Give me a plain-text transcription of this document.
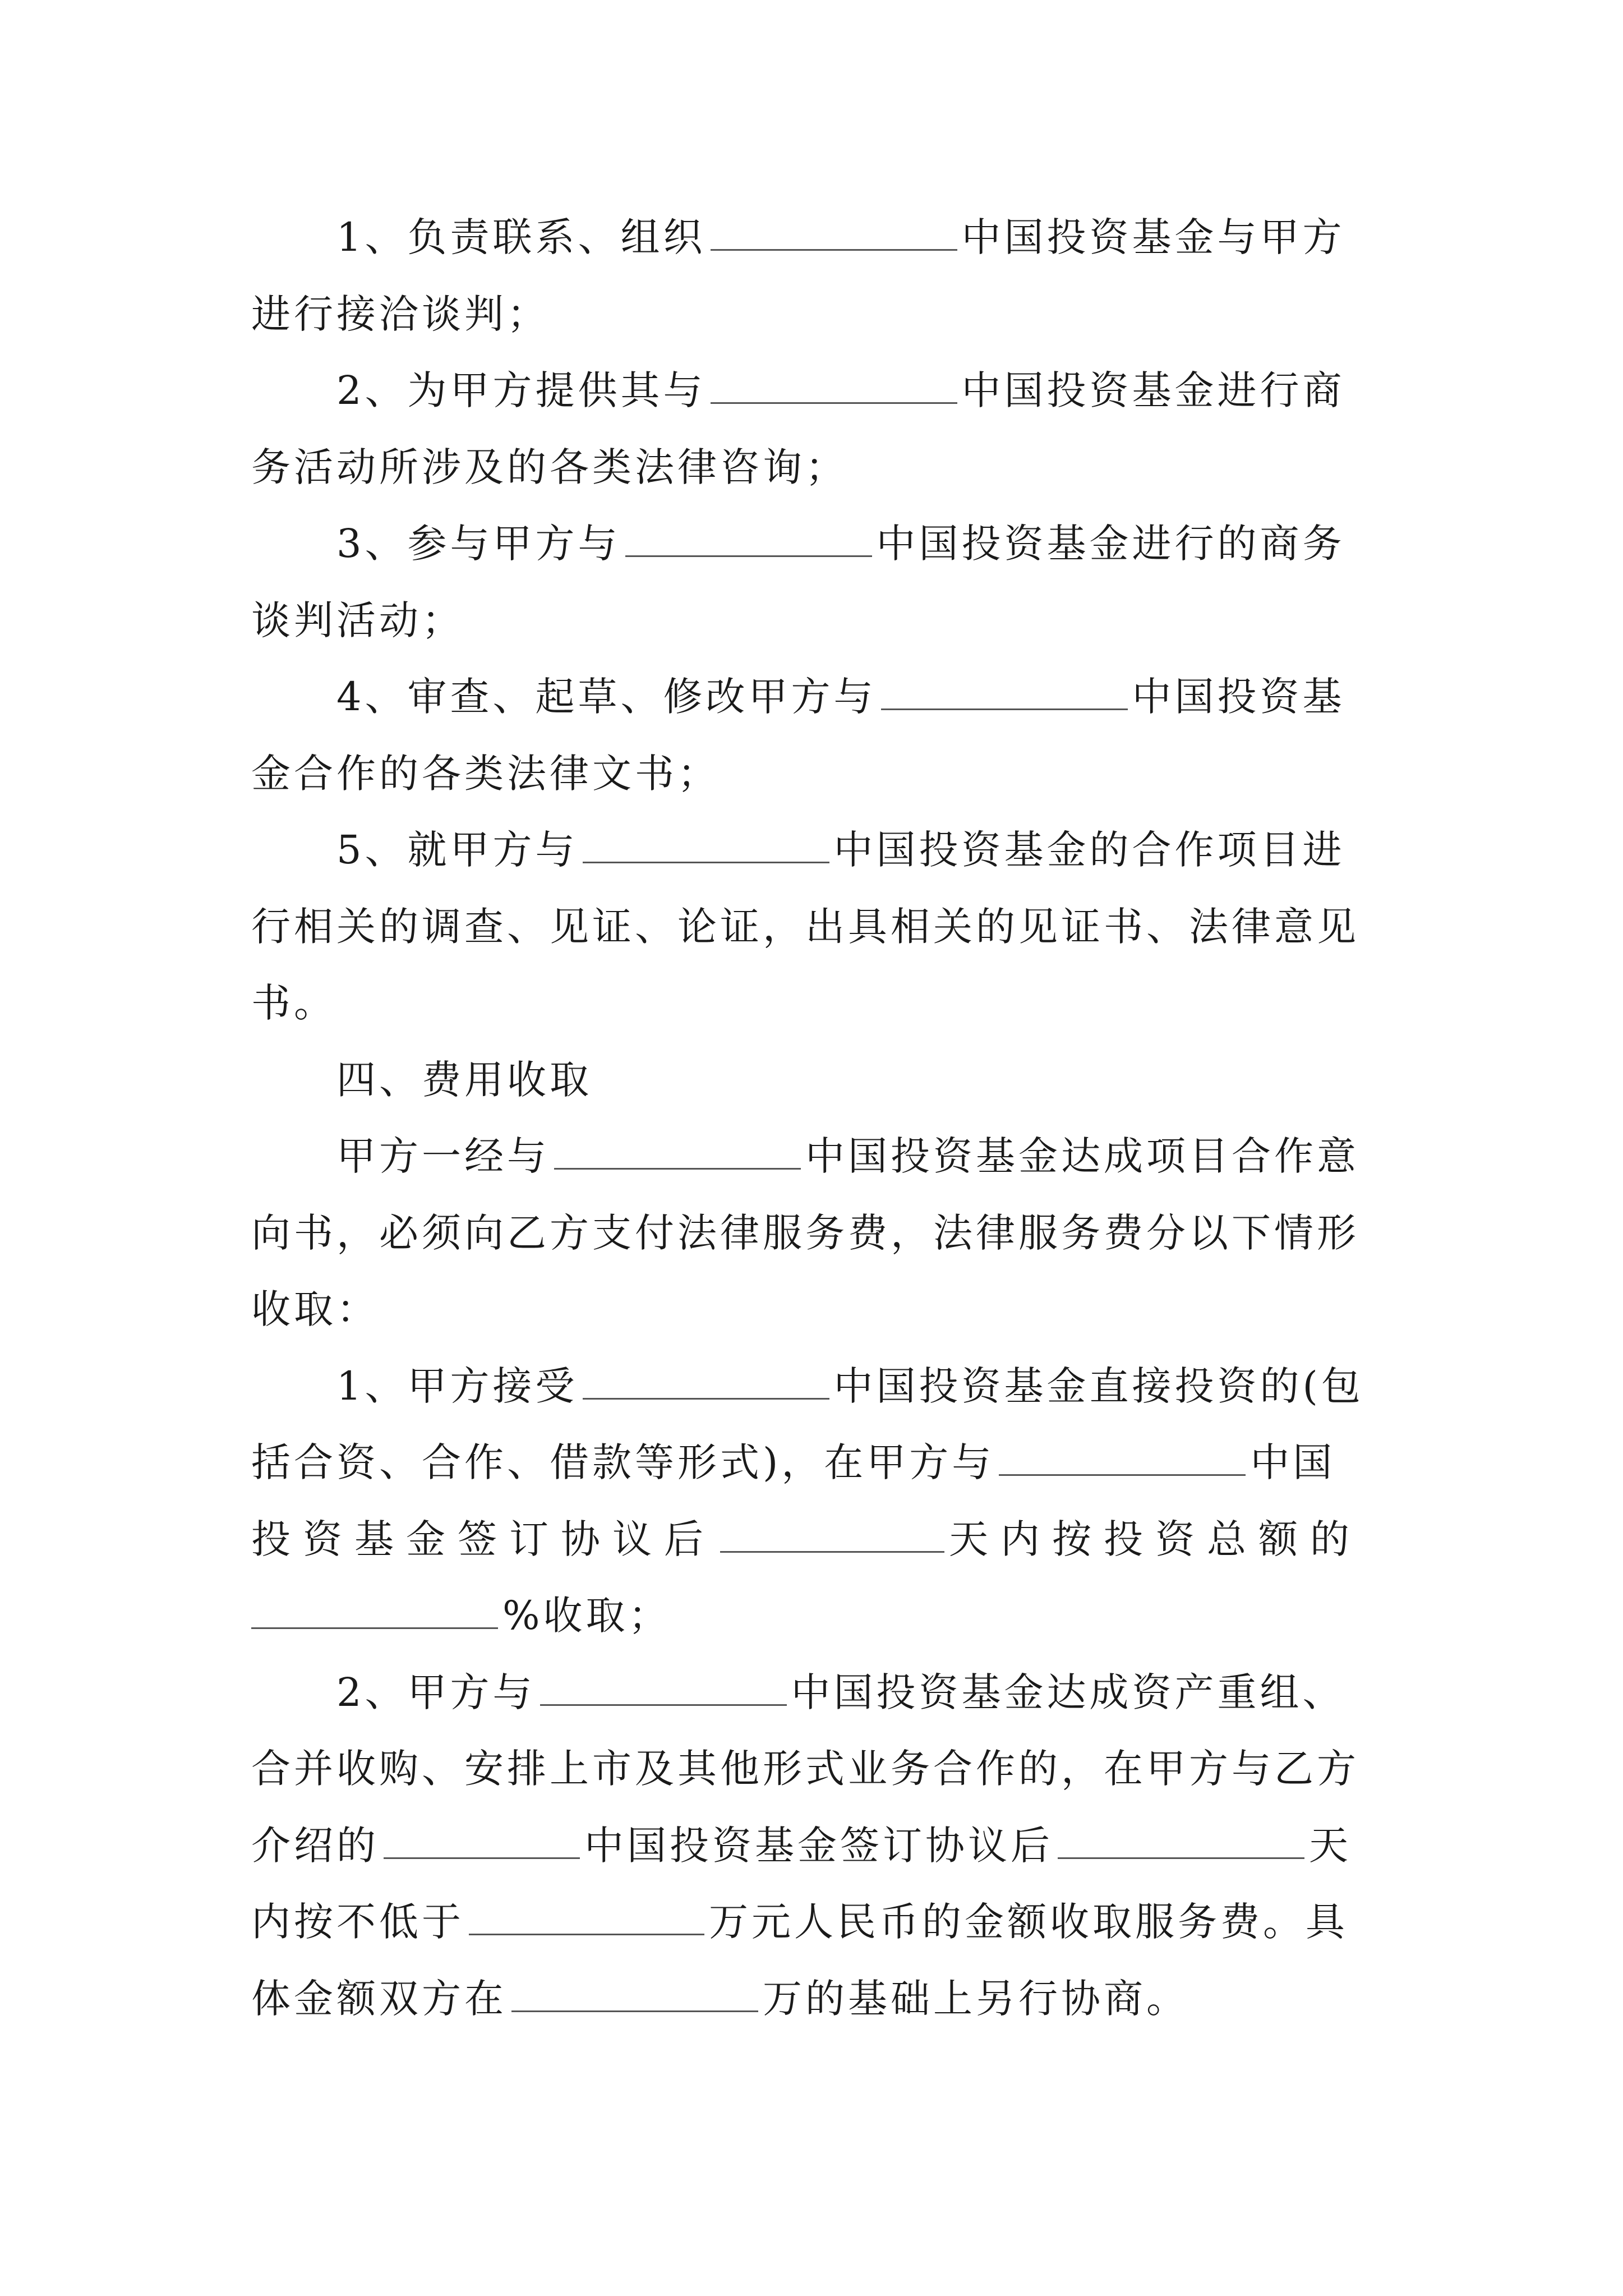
1、负责联系、组织	中国投资基金与甲方
进行接洽谈判；
2、为甲方提供其与	中国投资基金进行商
务活动所涉及的各类法律咨询；
3、参与甲方与	中国投资基金进行的商务
谈判活动；
4、审查、起草、修改甲方与	中国投资基
金合作的各类法律文书；
5、就甲方与	中国投资基金的合作项目进
行相关的调查、见证、论证，出具相关的见证书、法律意见
书。
四、费用收取
甲方一经与	中国投资基金达成项目合作意
向书，必须向乙方支付法律服务费，法律服务费分以下情形
收取：
1、甲方接受	中国投资基金直接投资的(包
括合资、合作、借款等形式)，在甲方与	中国
投资基金签订协议后	天内按投资总额的
%收取；
2、甲方与	中国投资基金达成资产重组、
合并收购、安排上市及其他形式业务合作的，在甲方与乙方
介绍的	中国投资基金签订协议后	天
内按不低于	万元人民币的金额收取服务费。具
体金额双方在	万的基础上另行协商。
